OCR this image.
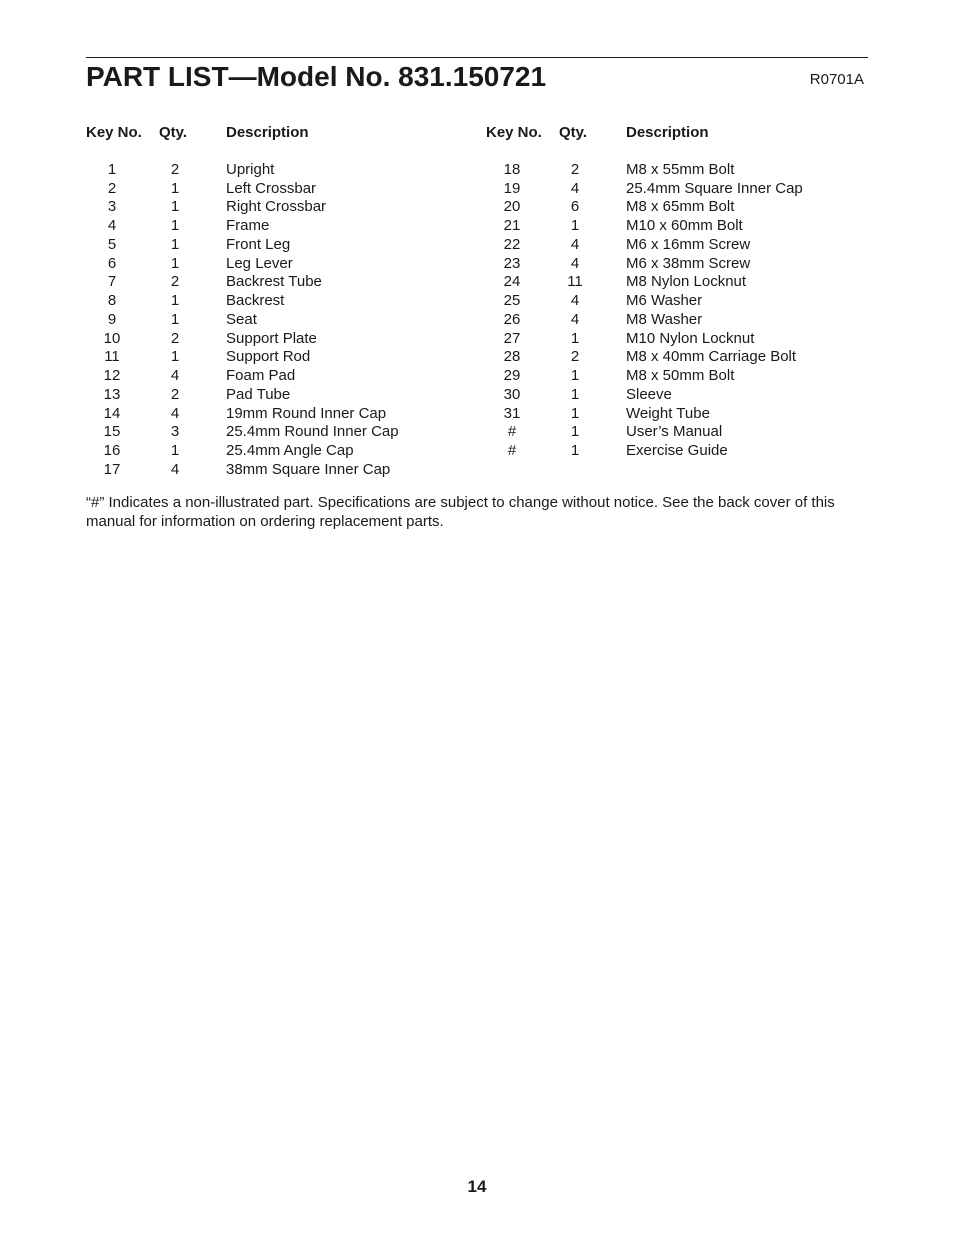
PART LIST—Model No. 831.150721	R0701A
Key No.	Qty.	Description
1	2	Upright
2	1	Left Crossbar
3	1	Right Crossbar
4	1	Frame
5	1	Front Leg
6	1	Leg Lever
7	2	Backrest Tube
8	1	Backrest
9	1	Seat
10	2	Support Plate
11	1	Support Rod
12	4	Foam Pad
13	2	Pad Tube
14	4	19mm Round Inner Cap
15	3	25.4mm Round Inner Cap
16	1	25.4mm Angle Cap
17	4	38mm Square Inner Cap
Key No.	Qty.	Description
18	2	M8 x 55mm Bolt
19	4	25.4mm Square Inner Cap
20	6	M8 x 65mm Bolt
21	1	M10 x 60mm Bolt
22	4	M6 x 16mm Screw
23	4	M6 x 38mm Screw
24	11	M8 Nylon Locknut
25	4	M6 Washer
26	4	M8 Washer
27	1	M10 Nylon Locknut
28	2	M8 x 40mm Carriage Bolt
29	1	M8 x 50mm Bolt
30	1	Sleeve
31	1	Weight Tube
#	1	User’s Manual
#	1	Exercise Guide
“#” Indicates a non-illustrated part. Specifications are subject to change without notice. See the back cover of this manual for information on ordering replacement parts.
14
